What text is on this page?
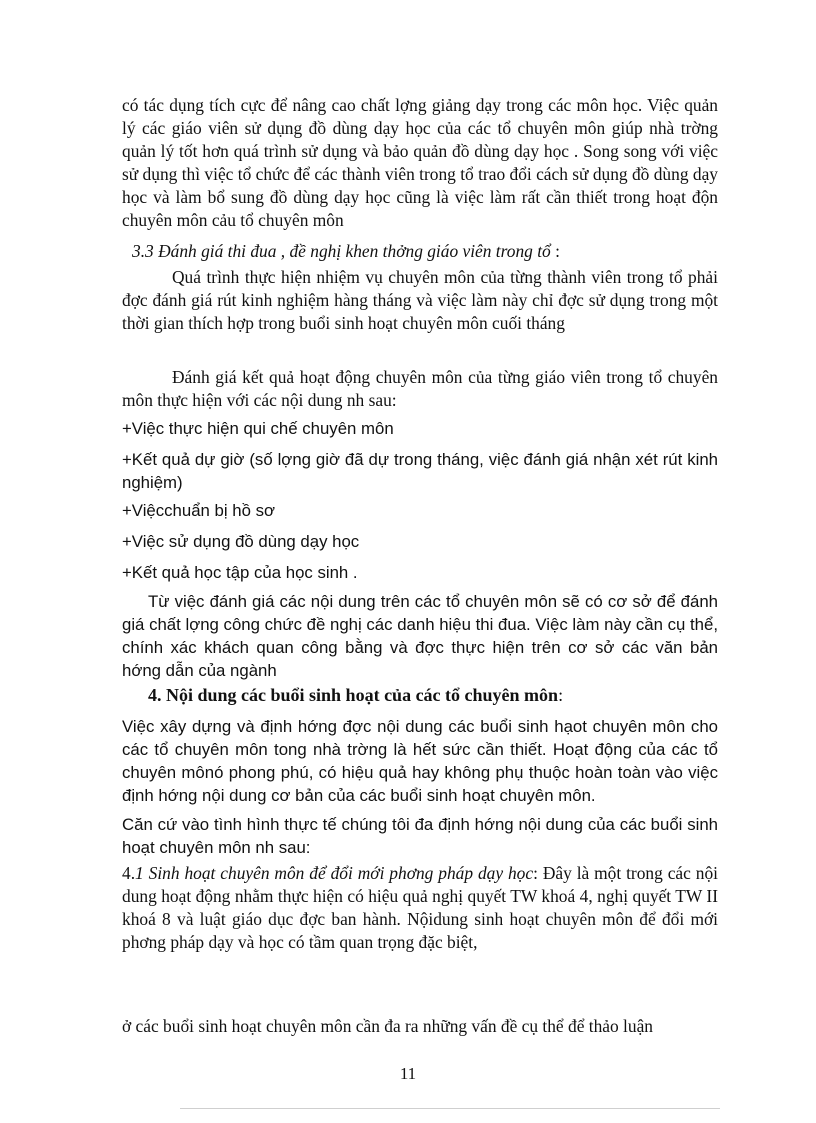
có tác dụng tích cực để nâng cao chất lợng giảng dạy trong các môn học. Việc quản lý các giáo viên sử dụng đồ dùng dạy học của các tổ chuyên môn giúp nhà trờng quản lý tốt hơn quá trình sử dụng và bảo quản đồ dùng dạy học . Song song với việc sử dụng thì việc tổ chức để các thành viên trong tổ trao đổi cách sử dụng đồ dùng dạy học và làm bổ sung đồ dùng dạy học cũng là việc làm rất cần thiết trong hoạt độn chuyên môn cảu tổ chuyên môn

3.3 Đánh giá thi đua , đề nghị khen thởng giáo viên trong tổ :

Quá trình thực hiện nhiệm vụ chuyên môn của từng thành viên trong tổ phải đợc đánh giá rút kinh nghiệm hàng tháng và việc làm này chỉ đợc sử dụng trong một thời gian thích hợp trong buổi sinh hoạt chuyên môn cuối tháng

Đánh giá kết quả hoạt động chuyên môn của từng giáo viên trong tổ chuyên môn thực hiện với các nội dung nh sau:

+Việc thực hiện qui chế chuyên môn

+Kết quả dự giờ (số lợng giờ đã dự trong tháng, việc đánh giá nhận xét rút kinh nghiệm)

+Việcchuẩn bị hồ sơ

+Việc sử dụng đồ dùng dạy học

+Kết quả học tập của học sinh .

Từ việc đánh giá các nội dung trên các tổ chuyên môn sẽ có cơ sở để đánh giá chất lợng công chức đề nghị các danh hiệu thi đua. Việc làm này cần cụ thể, chính xác khách quan công bằng và đợc thực hiện trên cơ sở các văn bản hớng dẫn của ngành

4. Nội dung các buổi sinh hoạt của các tổ chuyên môn:

Việc xây dựng và định hớng đợc nội dung các buổi sinh hạot chuyên môn cho các tổ chuyên môn tong nhà trờng là hết sức cần thiết. Hoạt động của các tổ chuyên mônó phong phú, có hiệu quả hay không phụ thuộc hoàn toàn vào việc định hớng nội dung cơ bản của các buổi sinh hoạt chuyên môn.

Căn cứ vào tình hình thực tế chúng tôi đa định hớng nội dung của các buổi sinh hoạt chuyên môn nh sau:

4.1 Sinh hoạt chuyên môn để đổi mới phơng pháp dạy học: Đây là một trong các nội dung hoạt động nhằm thực hiện có hiệu quả nghị quyết TW khoá 4, nghị quyết TW II khoá 8 và luật giáo dục đợc ban hành. Nộidung sinh hoạt chuyên môn để đổi mới phơng pháp dạy và học có tầm quan trọng đặc biệt,

ở các buổi sinh hoạt chuyên môn cần đa ra những vấn đề cụ thể để thảo luận

11
